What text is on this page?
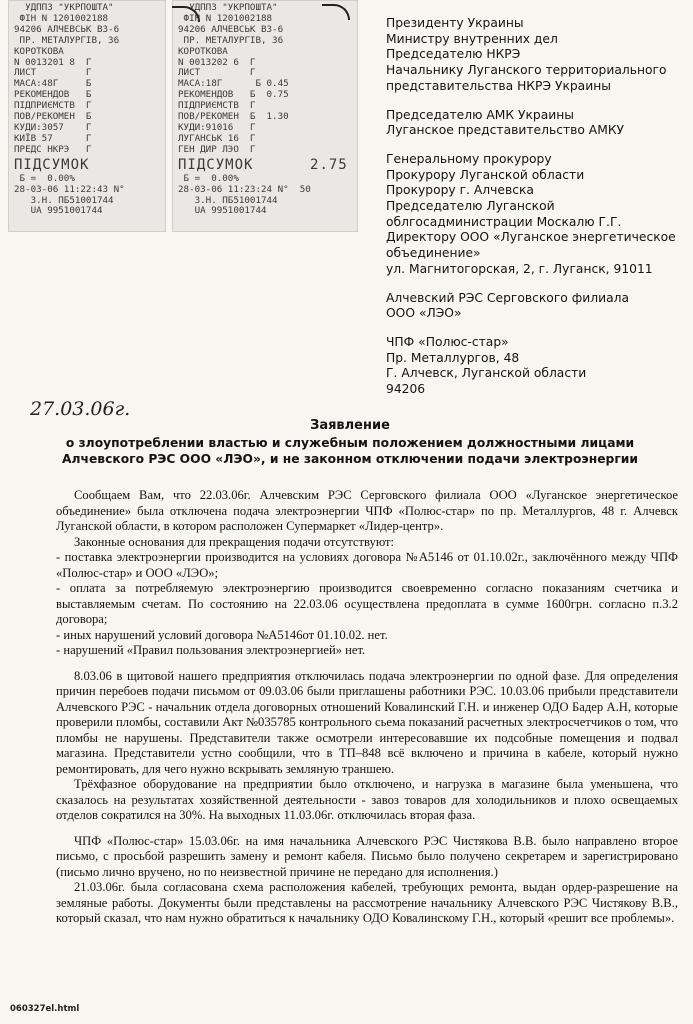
УДППЗ "УКРПОШТА"
ФІН N 1201002188
94206 АЛЧЕВСЬК ВЗ-6
ПР. МЕТАЛУРГІВ, 36
КОРОТКОВА
N 0013201 8  Г
ЛИСТ         Г
МАСА:48Г     Б
РЕКОМЕНДОВ   Б
ПІДПРИЄМСТВ  Г
ПОВ/РЕКОМЕН  Б
КУДИ:3057    Г
КИЇВ 57      Г
ПРЕДС НКРЭ   Г
ПІДСУМОК
Б =  0.00%
28-03-06 11:22:43 N°
З.Н. ПБ51001744
UA 9951001744
УДППЗ "УКРПОШТА"
ФІН N 1201002188
94206 АЛЧЕВСЬК ВЗ-6
ПР. МЕТАЛУРГІВ, 36
КОРОТКОВА
N 0013202 6  Г
ЛИСТ         Г
МАСА:18Г      Б 0.45
РЕКОМЕНДОВ   Б  0.75
ПІДПРИЄМСТВ  Г
ПОВ/РЕКОМЕН  Б  1.30
КУДИ:91016   Г
ЛУГАНСЬК 16  Г
ГЕН ДИР ЛЭО  Г
ПІДСУМОК	2.75
Б =  0.00%
28-03-06 11:23:24 N°  50
З.Н. ПБ51001744
UA 9951001744
Президенту Украины
Министру внутренних дел
Председателю НКРЭ
Начальнику Луганского территориального
представительства НКРЭ Украины
Председателю АМК Украины
Луганское представительство АМКУ
Генеральному прокурору
Прокурору Луганской области
Прокурору г. Алчевска
Председателю Луганской
облгосадминистрации Москалю Г.Г.
Директору ООО «Луганское энергетическое
объединение»
ул. Магнитогорская, 2, г. Луганск, 91011
Алчевский РЭС Серговского филиала
ООО «ЛЭО»
ЧПФ «Полюс-стар»
Пр. Металлургов, 48
Г. Алчевск, Луганской области
94206
27.03.06г.
Заявление
о злоупотреблении властью и служебным положением должностными лицами
Алчевского РЭС ООО «ЛЭО», и не законном отключении подачи электроэнергии

Сообщаем Вам, что 22.03.06г. Алчевским РЭС Серговского филиала ООО «Луганское энергетическое объединение» была отключена подача электроэнергии ЧПФ «Полюс-стар» по пр. Металлургов, 48 г. Алчевск Луганской области, в котором расположен Супермаркет «Лидер-центр».

Законные основания для прекращения подачи отсутствуют:

- поставка электроэнергии производится на условиях договора №А5146 от 01.10.02г., заключённого между ЧПФ «Полюс-стар» и ООО «ЛЭО»;

- оплата за потребляемую электроэнергию производится своевременно согласно показаниям счетчика и выставляемым счетам. По состоянию на 22.03.06 осуществлена предоплата в сумме 1600грн. согласно п.3.2 договора;

- иных нарушений условий договора №А5146от 01.10.02. нет.

- нарушений «Правил пользования электроэнергией» нет.

8.03.06 в щитовой нашего предприятия отключилась подача электроэнергии по одной фазе. Для определения причин перебоев подачи письмом от 09.03.06 были приглашены работники РЭС. 10.03.06 прибыли представители Алчевского РЭС - начальник отдела договорных отношений Ковалинский Г.Н. и инженер ОДО Бадер А.Н, которые проверили пломбы, составили Акт №035785 контрольного сьема показаний расчетных электросчетчиков о том, что пломбы не нарушены. Представители также осмотрели интересовавшие их подсобные помещения и подвал магазина. Представители устно сообщили, что в ТП–848 всё включено и причина в кабеле, который нужно ремонтировать, для чего нужно вскрывать земляную траншею.

Трёхфазное оборудование на предприятии было отключено, и нагрузка в магазине была уменьшена, что сказалось на результатах хозяйственной деятельности - завоз товаров для холодильников и плохо освещаемых отделов сократился на 30%. На выходных 11.03.06г. отключилась вторая фаза.

ЧПФ «Полюс-стар» 15.03.06г. на имя начальника Алчевского РЭС Чистякова В.В. было направлено второе письмо, с просьбой разрешить замену и ремонт кабеля. Письмо было получено секретарем и зарегистрировано (письмо лично вручено, но по неизвестной причине не передано для исполнения.)

21.03.06г. была согласована схема расположения кабелей, требующих ремонта, выдан ордер-разрешение на земляные работы. Документы были представлены на рассмотрение начальнику Алчевского РЭС Чистякову В.В., который сказал, что нам нужно обратиться к начальнику ОДО Ковалинскому Г.Н., который «решит все проблемы».

060327el.html
